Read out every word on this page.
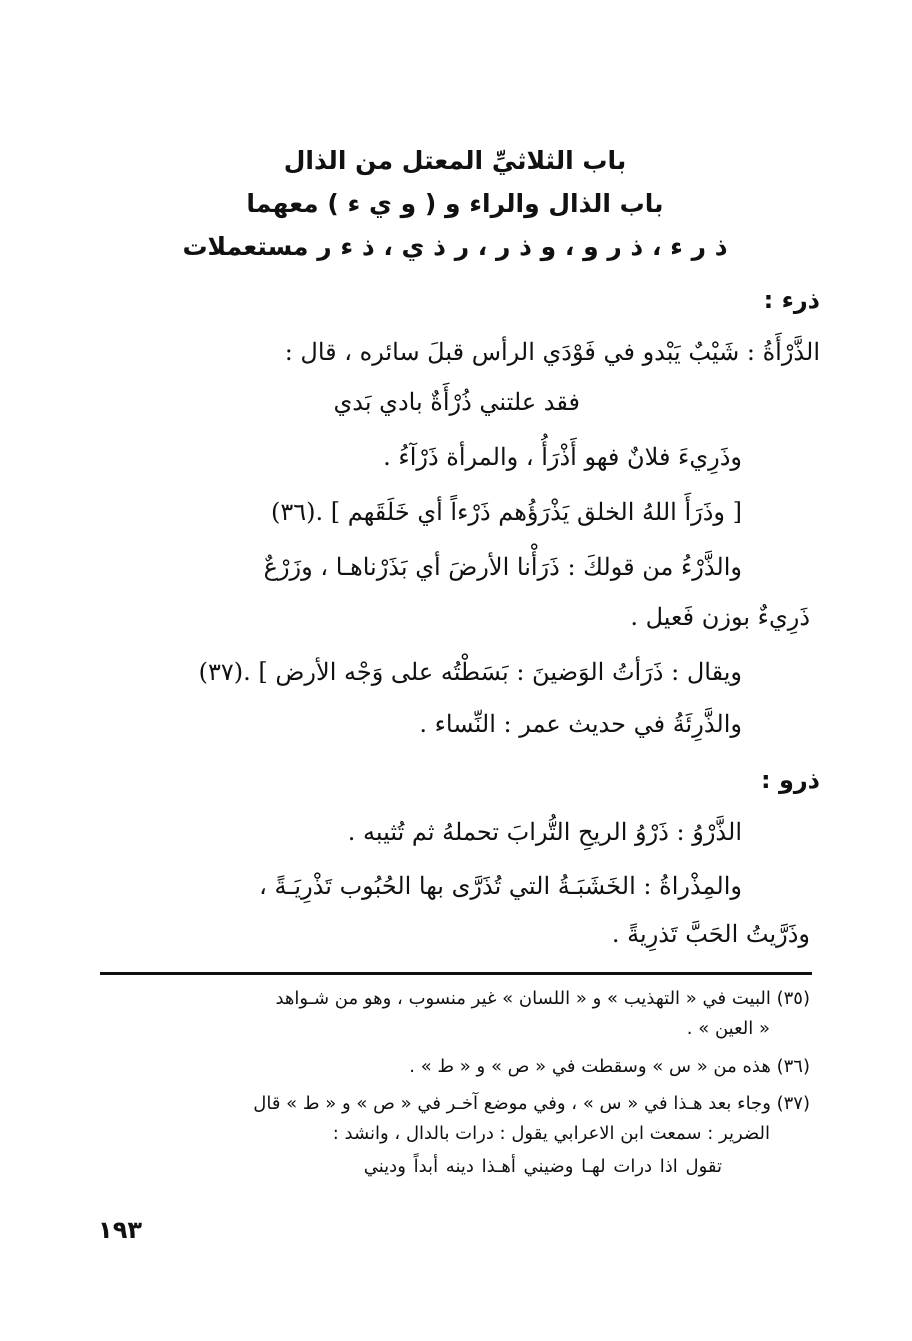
باب الثلاثيِّ المعتل من الذال
باب الذال والراء و ( و ي ء ) معهما
ذ ر ء ، ذ ر و ، و ذ ر ، ر ذ ي ، ذ ء ر مستعملات
ذرء :
الذَّرْأَةُ : شَيْبٌ يَبْدو في فَوْدَي الرأس قبلَ سائره ، قال :
فقد علتني ذُرْأَةٌ بادي بَدي
وذَرِيءَ فلانٌ فهو أَذْرَأُ ، والمرأة ذَرْآءُ .
[ وذَرَأَ اللهُ الخلق يَذْرَؤُهم ذَرْءاً أي خَلَقَهم ] .(٣٦)
والذَّرْءُ من قولكَ : ذَرَأْنا الأرضَ أي بَذَرْناهـا ، وزَرْعٌ
ذَرِيءٌ بوزن فَعيل .
ويقال : ذَرَأتُ الوَضينَ : بَسَطْتُه على وَجْه الأرض ] .(٣٧)
والذَّرِئَةُ في حديث عمر : النِّساء .
ذرو :
الذَّرْوُ : ذَرْوُ الريحِ التُّرابَ تحملهُ ثم تُثيبه .
والمِذْراةُ : الخَشَبَـةُ التي تُذَرَّى بها الحُبُوب تَذْرِيَـةً ،
وذَرَّيتُ الحَبَّ تَذرِيةً .
(٣٥) البيت في « التهذيب » و « اللسان » غير منسوب ، وهو من شـواهد
« العين » .
(٣٦) هذه من « س » وسقطت في « ص » و « ط » .
(٣٧) وجاء بعد هـذا في « س » ، وفي موضع آخـر في « ص » و « ط » قال
الضرير : سمعت ابن الاعرابي يقول : درات بالدال ، وانشد :
تقول اذا درات لهـا وضيني أهـذا دينه أبداً وديني
١٩٣
